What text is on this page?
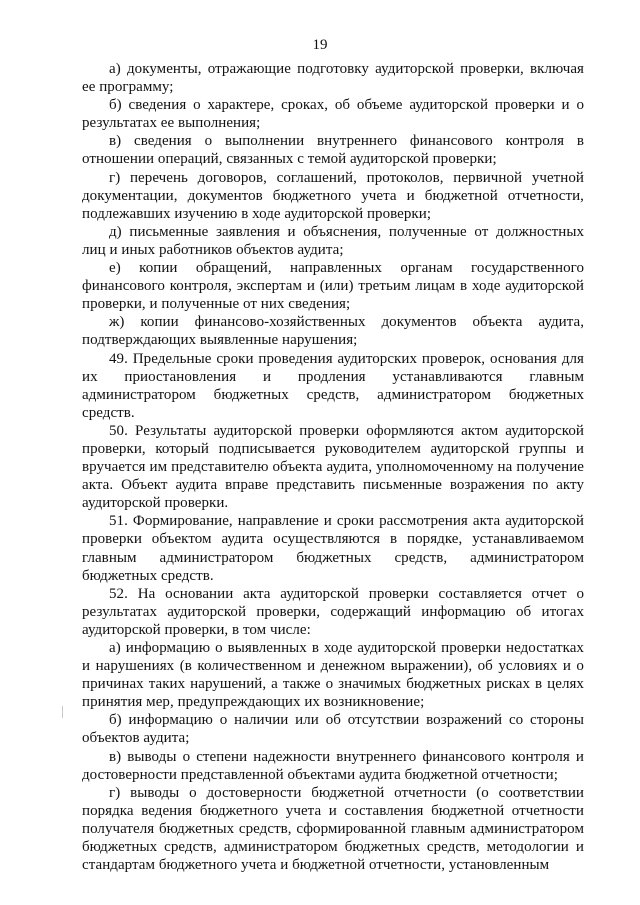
19

а) документы, отражающие подготовку аудиторской проверки, включая ее программу;

б) сведения о характере, сроках, об объеме аудиторской проверки и о результатах ее выполнения;

в) сведения о выполнении внутреннего финансового контроля в отношении операций, связанных с темой аудиторской проверки;

г) перечень договоров, соглашений, протоколов, первичной учетной документации, документов бюджетного учета и бюджетной отчетности, подлежавших изучению в ходе аудиторской проверки;

д) письменные заявления и объяснения, полученные от должностных лиц и иных работников объектов аудита;

е) копии обращений, направленных органам государственного финансового контроля, экспертам и (или) третьим лицам в ходе аудиторской проверки, и полученные от них сведения;

ж) копии финансово-хозяйственных документов объекта аудита, подтверждающих выявленные нарушения;

49. Предельные сроки проведения аудиторских проверок, основания для их приостановления и продления устанавливаются главным администратором бюджетных средств, администратором бюджетных средств.

50. Результаты аудиторской проверки оформляются актом аудиторской проверки, который подписывается руководителем аудиторской группы и вручается им представителю объекта аудита, уполномоченному на получение акта. Объект аудита вправе представить письменные возражения по акту аудиторской проверки.

51. Формирование, направление и сроки рассмотрения акта аудиторской проверки объектом аудита осуществляются в порядке, устанавливаемом главным администратором бюджетных средств, администратором бюджетных средств.

52. На основании акта аудиторской проверки составляется отчет о результатах аудиторской проверки, содержащий информацию об итогах аудиторской проверки, в том числе:

а) информацию о выявленных в ходе аудиторской проверки недостатках и нарушениях (в количественном и денежном выражении), об условиях и о причинах таких нарушений, а также о значимых бюджетных рисках в целях принятия мер, предупреждающих их возникновение;

б) информацию о наличии или об отсутствии возражений со стороны объектов аудита;

в) выводы о степени надежности внутреннего финансового контроля и достоверности представленной объектами аудита бюджетной отчетности;

г) выводы о достоверности бюджетной отчетности (о соответствии порядка ведения бюджетного учета и составления бюджетной отчетности получателя бюджетных средств, сформированной главным администратором бюджетных средств, администратором бюджетных средств, методологии и стандартам бюджетного учета и бюджетной отчетности, установленным
